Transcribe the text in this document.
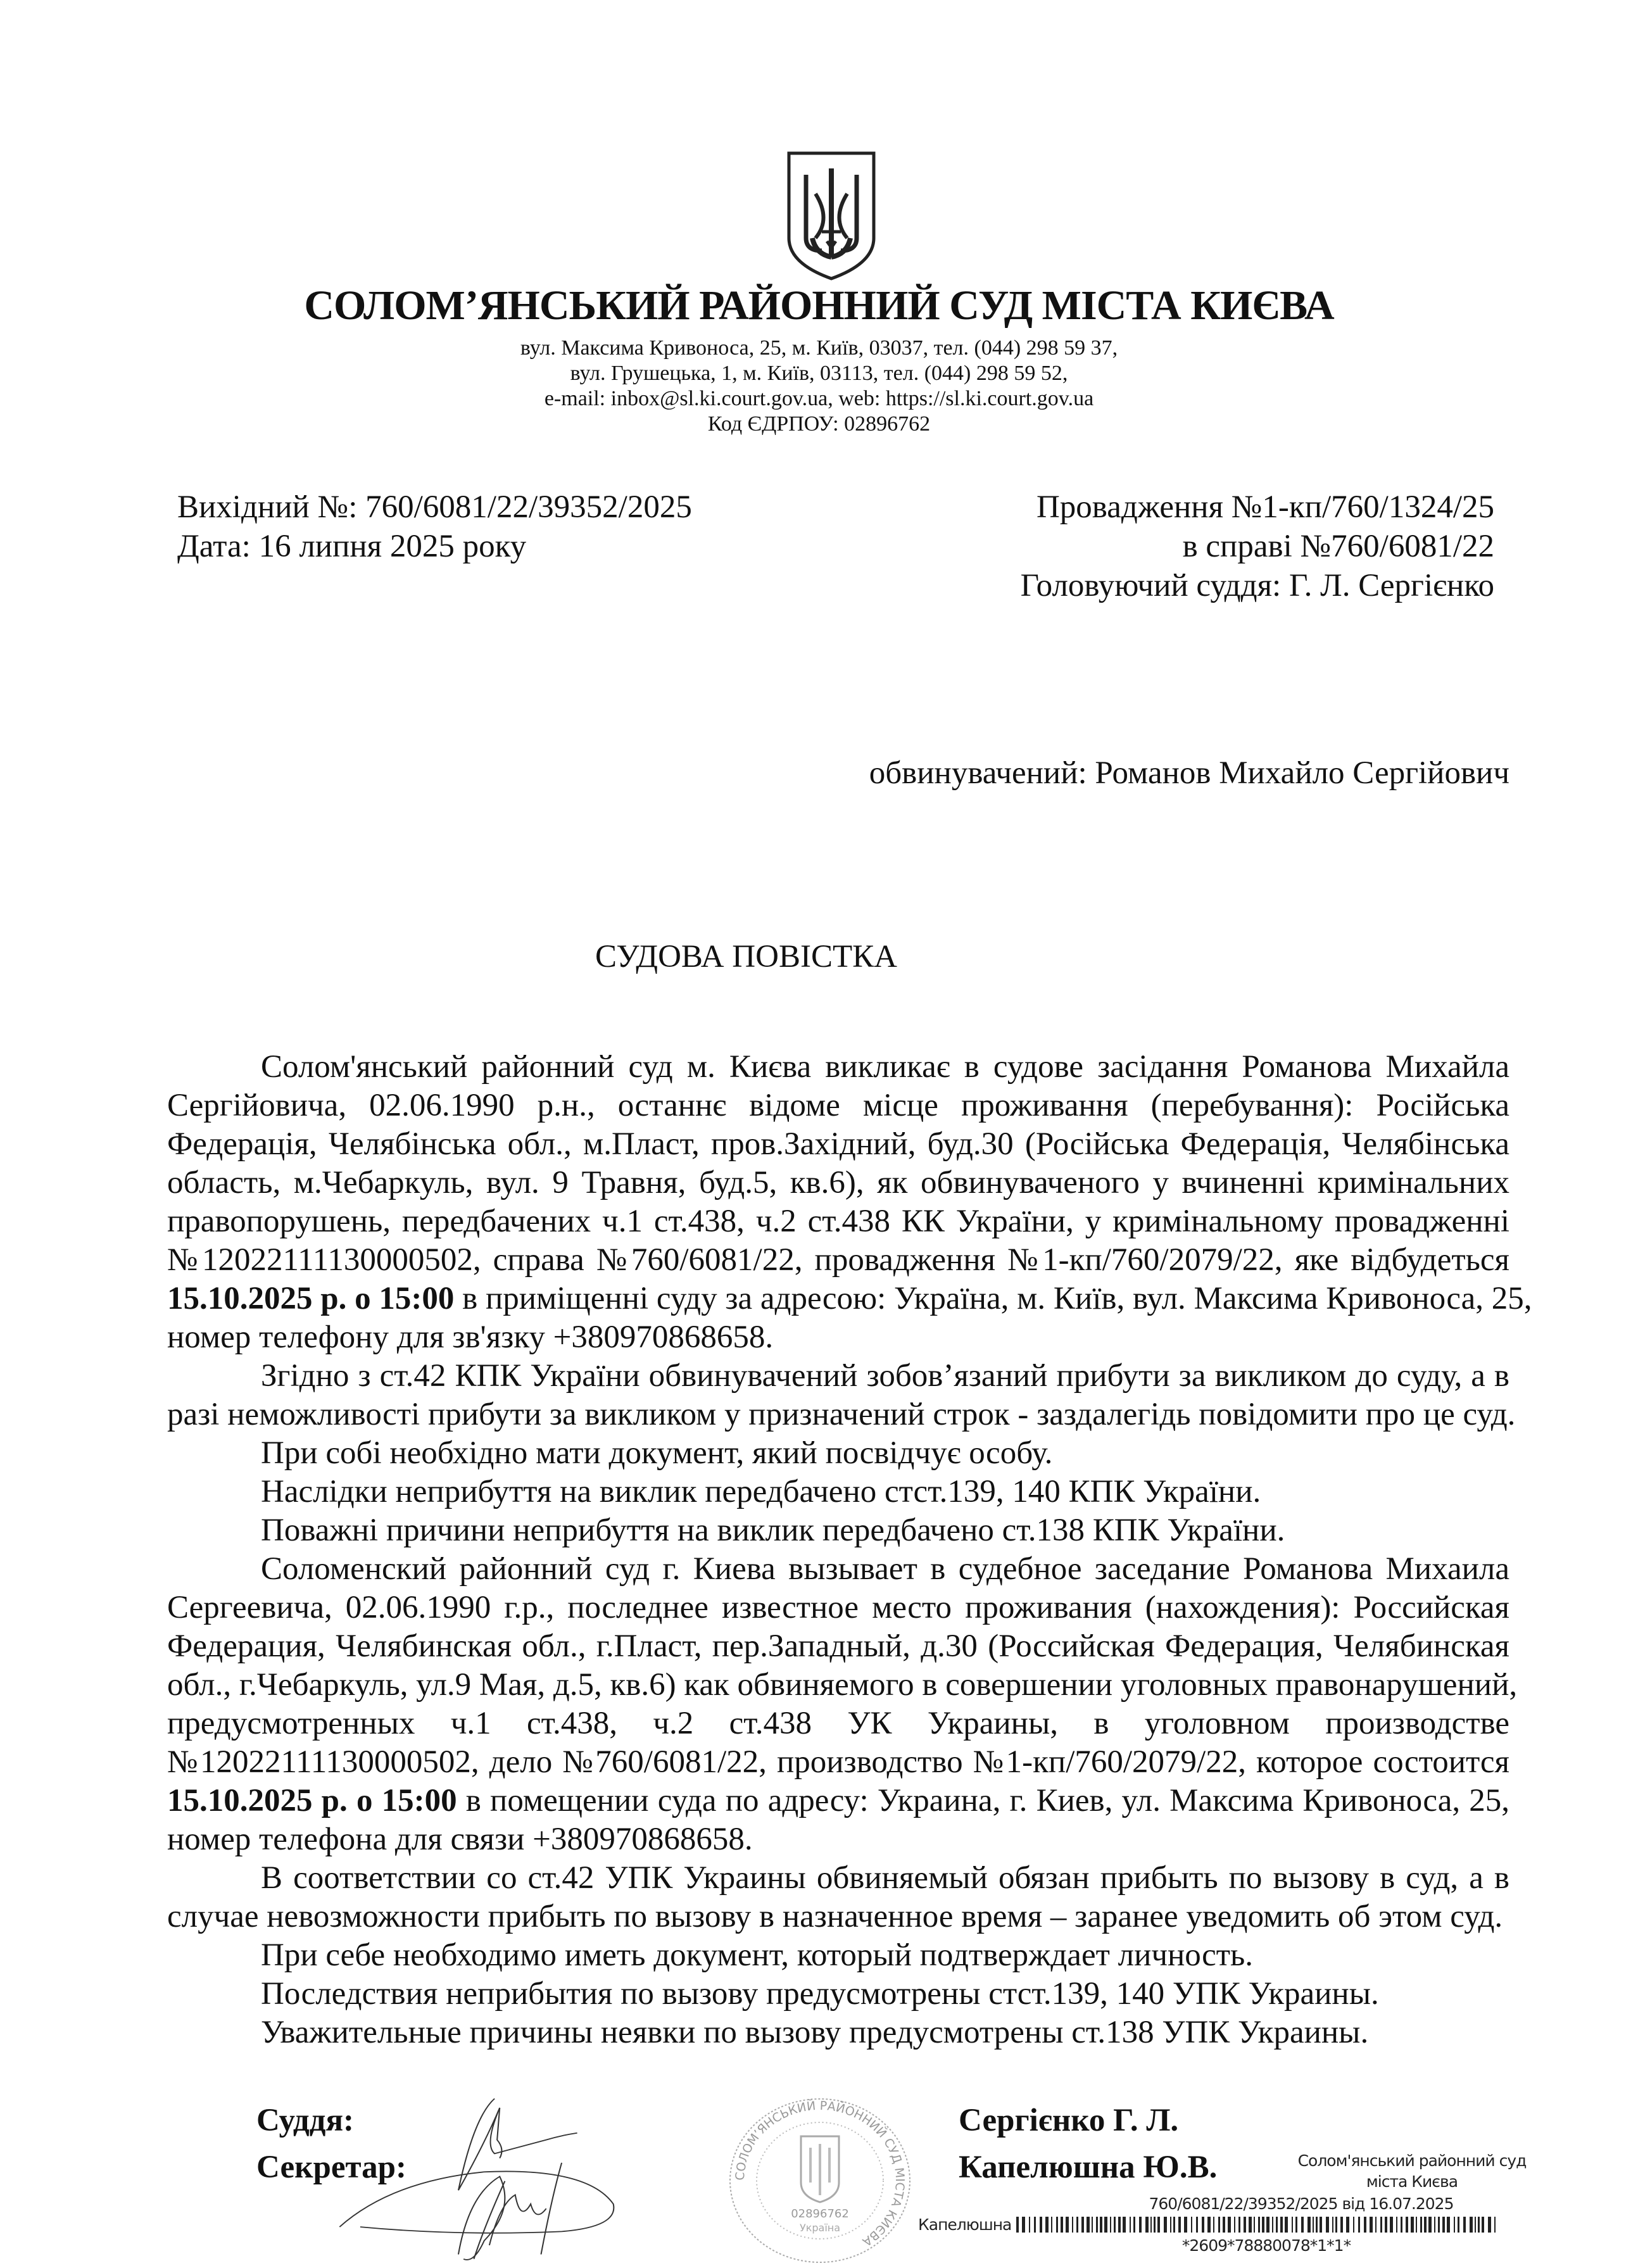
СОЛОМ’ЯНСЬКИЙ РАЙОННИЙ СУД МІСТА КИЄВА
вул. Максима Кривоноса, 25, м. Київ, 03037, тел. (044) 298 59 37,
вул. Грушецька, 1, м. Київ, 03113, тел. (044) 298 59 52,
e-mail: inbox@sl.ki.court.gov.ua, web: https://sl.ki.court.gov.ua
Код ЄДРПОУ: 02896762
Вихідний №: 760/6081/22/39352/2025
Дата: 16 липня 2025 року
Провадження №1-кп/760/1324/25
в справі №760/6081/22
Головуючий суддя: Г. Л. Сергієнко
обвинувачений: Романов Михайло Сергійович
СУДОВА ПОВІСТКА
Солом'янський районний суд м. Києва викликає в судове засідання Романова Михайла
Сергійовича, 02.06.1990 р.н., останнє відоме місце проживання (перебування): Російська
Федерація, Челябінська обл., м.Пласт, пров.Західний, буд.30 (Російська Федерація, Челябінська
область, м.Чебаркуль, вул. 9 Травня, буд.5, кв.6), як обвинуваченого у вчиненні кримінальних
правопорушень, передбачених ч.1 ст.438, ч.2 ст.438 КК України, у кримінальному провадженні
№12022111130000502, справа №760/6081/22, провадження №1-кп/760/2079/22, яке відбудеться
15.10.2025 р. о 15:00 в приміщенні суду за адресою: Україна, м. Київ, вул. Максима Кривоноса, 25,
номер телефону для зв'язку +380970868658.
Згідно з ст.42 КПК України обвинувачений зобов’язаний прибути за викликом до суду, а в
разі неможливості прибути за викликом у призначений строк - заздалегідь повідомити про це суд.
При собі необхідно мати документ, який посвідчує особу.
Наслідки неприбуття на виклик передбачено стст.139, 140 КПК України.
Поважні причини неприбуття на виклик передбачено ст.138 КПК України.
Соломенский районний суд г. Киева вызывает в судебное заседание Романова Михаила
Сергеевича, 02.06.1990 г.р., последнее известное место проживания (нахождения): Российская
Федерация, Челябинская обл., г.Пласт, пер.Западный, д.30 (Российская Федерация, Челябинская
обл., г.Чебаркуль, ул.9 Мая, д.5, кв.6) как обвиняемого в совершении уголовных правонарушений,
предусмотренных ч.1 ст.438, ч.2 ст.438 УК Украины, в уголовном производстве
№12022111130000502, дело №760/6081/22, производство №1-кп/760/2079/22, которое состоится
15.10.2025 р. о 15:00 в помещении суда по адресу: Украина, г. Киев, ул. Максима Кривоноса, 25,
номер телефона для связи +380970868658.
В соответствии со ст.42 УПК Украины обвиняемый обязан прибыть по вызову в суд, а в
случае невозможности прибыть по вызову в назначенное время – заранее уведомить об этом суд.
При себе необходимо иметь документ, который подтверждает личность.
Последствия неприбытия по вызову предусмотрены стст.139, 140 УПК Украины.
Уважительные причины неявки по вызову предусмотрены ст.138 УПК Украины.
СОЛОМ’ЯНСЬКИЙ РАЙОННИЙ СУД МІСТА КИЄВА
02896762
Україна
Суддя:	Сергієнко Г. Л.
Секретар:	Капелюшна Ю.В.	Солом'янський районний суд
міста Києва
760/6081/22/39352/2025 від 16.07.2025
Капелюшна
*2609*78880078*1*1*
